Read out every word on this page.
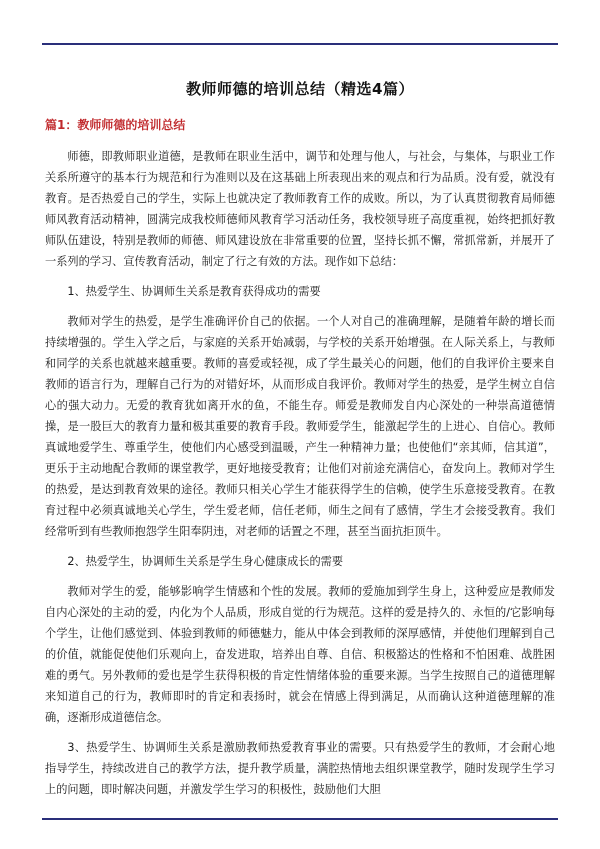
教师师德的培训总结（精选4篇）
篇1：教师师德的培训总结

师德，即教师职业道德，是教师在职业生活中，调节和处理与他人，与社会，与集体，与职业工作关系所遵守的基本行为规范和行为准则以及在这基础上所表现出来的观点和行为品质。没有爱，就没有教育。是否热爱自己的学生，实际上也就决定了教师教育工作的成败。所以，为了认真贯彻教育局师德师风教育活动精神，圆满完成我校师德师风教育学习活动任务，我校领导班子高度重视，始终把抓好教师队伍建设，特别是教师的师德、师风建设放在非常重要的位置，坚持长抓不懈，常抓常新，并展开了一系列的学习、宣传教育活动，制定了行之有效的方法。现作如下总结：

1、热爱学生、协调师生关系是教育获得成功的需要

教师对学生的热爱，是学生准确评价自己的依据。一个人对自己的准确理解，是随着年龄的增长而持续增强的。学生入学之后，与家庭的关系开始减弱，与学校的关系开始增强。在人际关系上，与教师和同学的关系也就越来越重要。教师的喜爱或轻视，成了学生最关心的问题，他们的自我评价主要来自教师的语言行为，理解自己行为的对错好坏，从而形成自我评价。教师对学生的热爱，是学生树立自信心的强大动力。无爱的教育犹如离开水的鱼，不能生存。师爱是教师发自内心深处的一种崇高道德情操，是一股巨大的教育力量和极其重要的教育手段。教师爱学生，能激起学生的上进心、自信心。教师真诚地爱学生、尊重学生，使他们内心感受到温暖，产生一种精神力量；也使他们“亲其师，信其道”，更乐于主动地配合教师的课堂教学，更好地接受教育；让他们对前途充满信心，奋发向上。教师对学生的热爱，是达到教育效果的途径。教师只相关心学生才能获得学生的信赖，使学生乐意接受教育。在教育过程中必须真诚地关心学生，学生爱老师，信任老师，师生之间有了感情，学生才会接受教育。我们经常听到有些教师抱怨学生阳奉阴违，对老师的话置之不理，甚至当面抗拒顶牛。

2、热爱学生，协调师生关系是学生身心健康成长的需要

教师对学生的爱，能够影响学生情感和个性的发展。教师的爱施加到学生身上，这种爱应是教师发自内心深处的主动的爱，内化为个人品质，形成自觉的行为规范。这样的爱是持久的、永恒的/它影响每个学生，让他们感觉到、体验到教师的师德魅力，能从中体会到教师的深厚感情，并使他们理解到自己的价值，就能促使他们乐观向上，奋发进取，培养出自尊、自信、积极豁达的性格和不怕困难、战胜困难的勇气。另外教师的爱也是学生获得积极的肯定性情绪体验的重要来源。当学生按照自己的道德理解来知道自己的行为，教师即时的肯定和表扬时，就会在情感上得到满足，从而确认这种道德理解的准确，逐渐形成道德信念。

3、热爱学生、协调师生关系是激励教师热爱教育事业的需要。只有热爱学生的教师，才会耐心地指导学生，持续改进自己的教学方法，提升教学质量，满腔热情地去组织课堂教学，随时发现学生学习上的问题，即时解决问题，并激发学生学习的积极性，鼓励他们大胆
